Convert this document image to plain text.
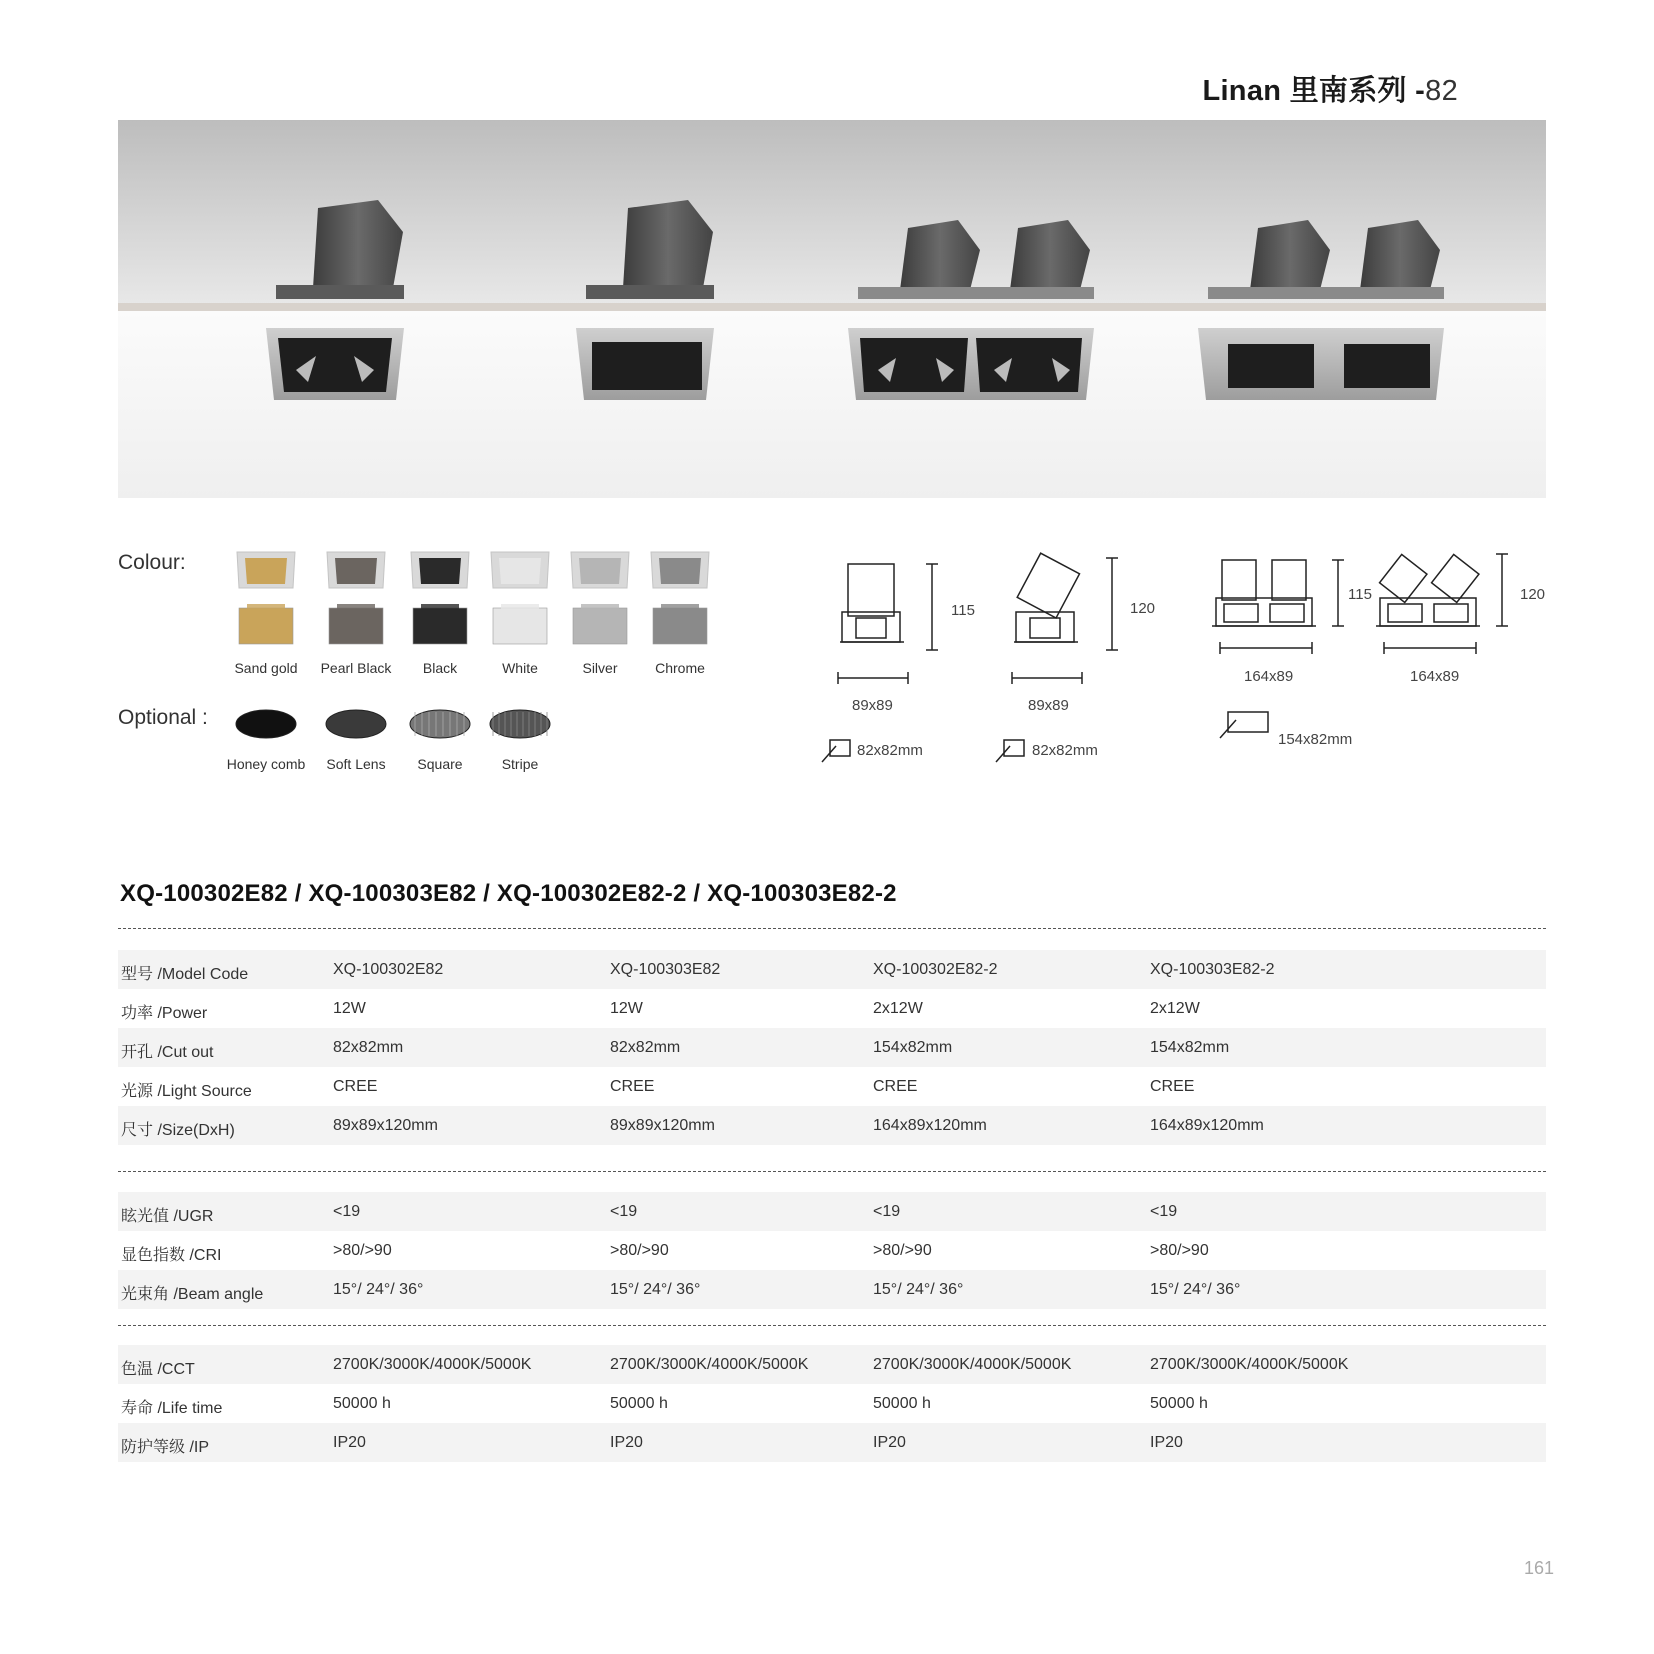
Linan 里南系列 -82
Colour:
Sand gold	Pearl Black	Black	White	Silver	Chrome
Optional :
Honey comb	Soft Lens	Square	Stripe
115
89x89
82x82mm
120
89x89
82x82mm
115
164x89
120
164x89
154x82mm
XQ-100302E82 / XQ-100303E82 / XQ-100302E82-2 / XQ-100303E82-2
型号 /Model Code	XQ-100302E82	XQ-100303E82	XQ-100302E82-2	XQ-100303E82-2
功率 /Power	12W	12W	2x12W	2x12W
开孔 /Cut out	82x82mm	82x82mm	154x82mm	154x82mm
光源 /Light Source	CREE	CREE	CREE	CREE
尺寸 /Size(DxH)	89x89x120mm	89x89x120mm	164x89x120mm	164x89x120mm
眩光值 /UGR	<19	<19	<19	<19
显色指数 /CRI	>80/>90	>80/>90	>80/>90	>80/>90
光束角 /Beam angle	15°/ 24°/ 36°	15°/ 24°/ 36°	15°/ 24°/ 36°	15°/ 24°/ 36°
色温 /CCT	2700K/3000K/4000K/5000K	2700K/3000K/4000K/5000K	2700K/3000K/4000K/5000K	2700K/3000K/4000K/5000K
寿命 /Life time	50000 h	50000 h	50000 h	50000 h
防护等级 /IP	IP20	IP20	IP20	IP20
161
